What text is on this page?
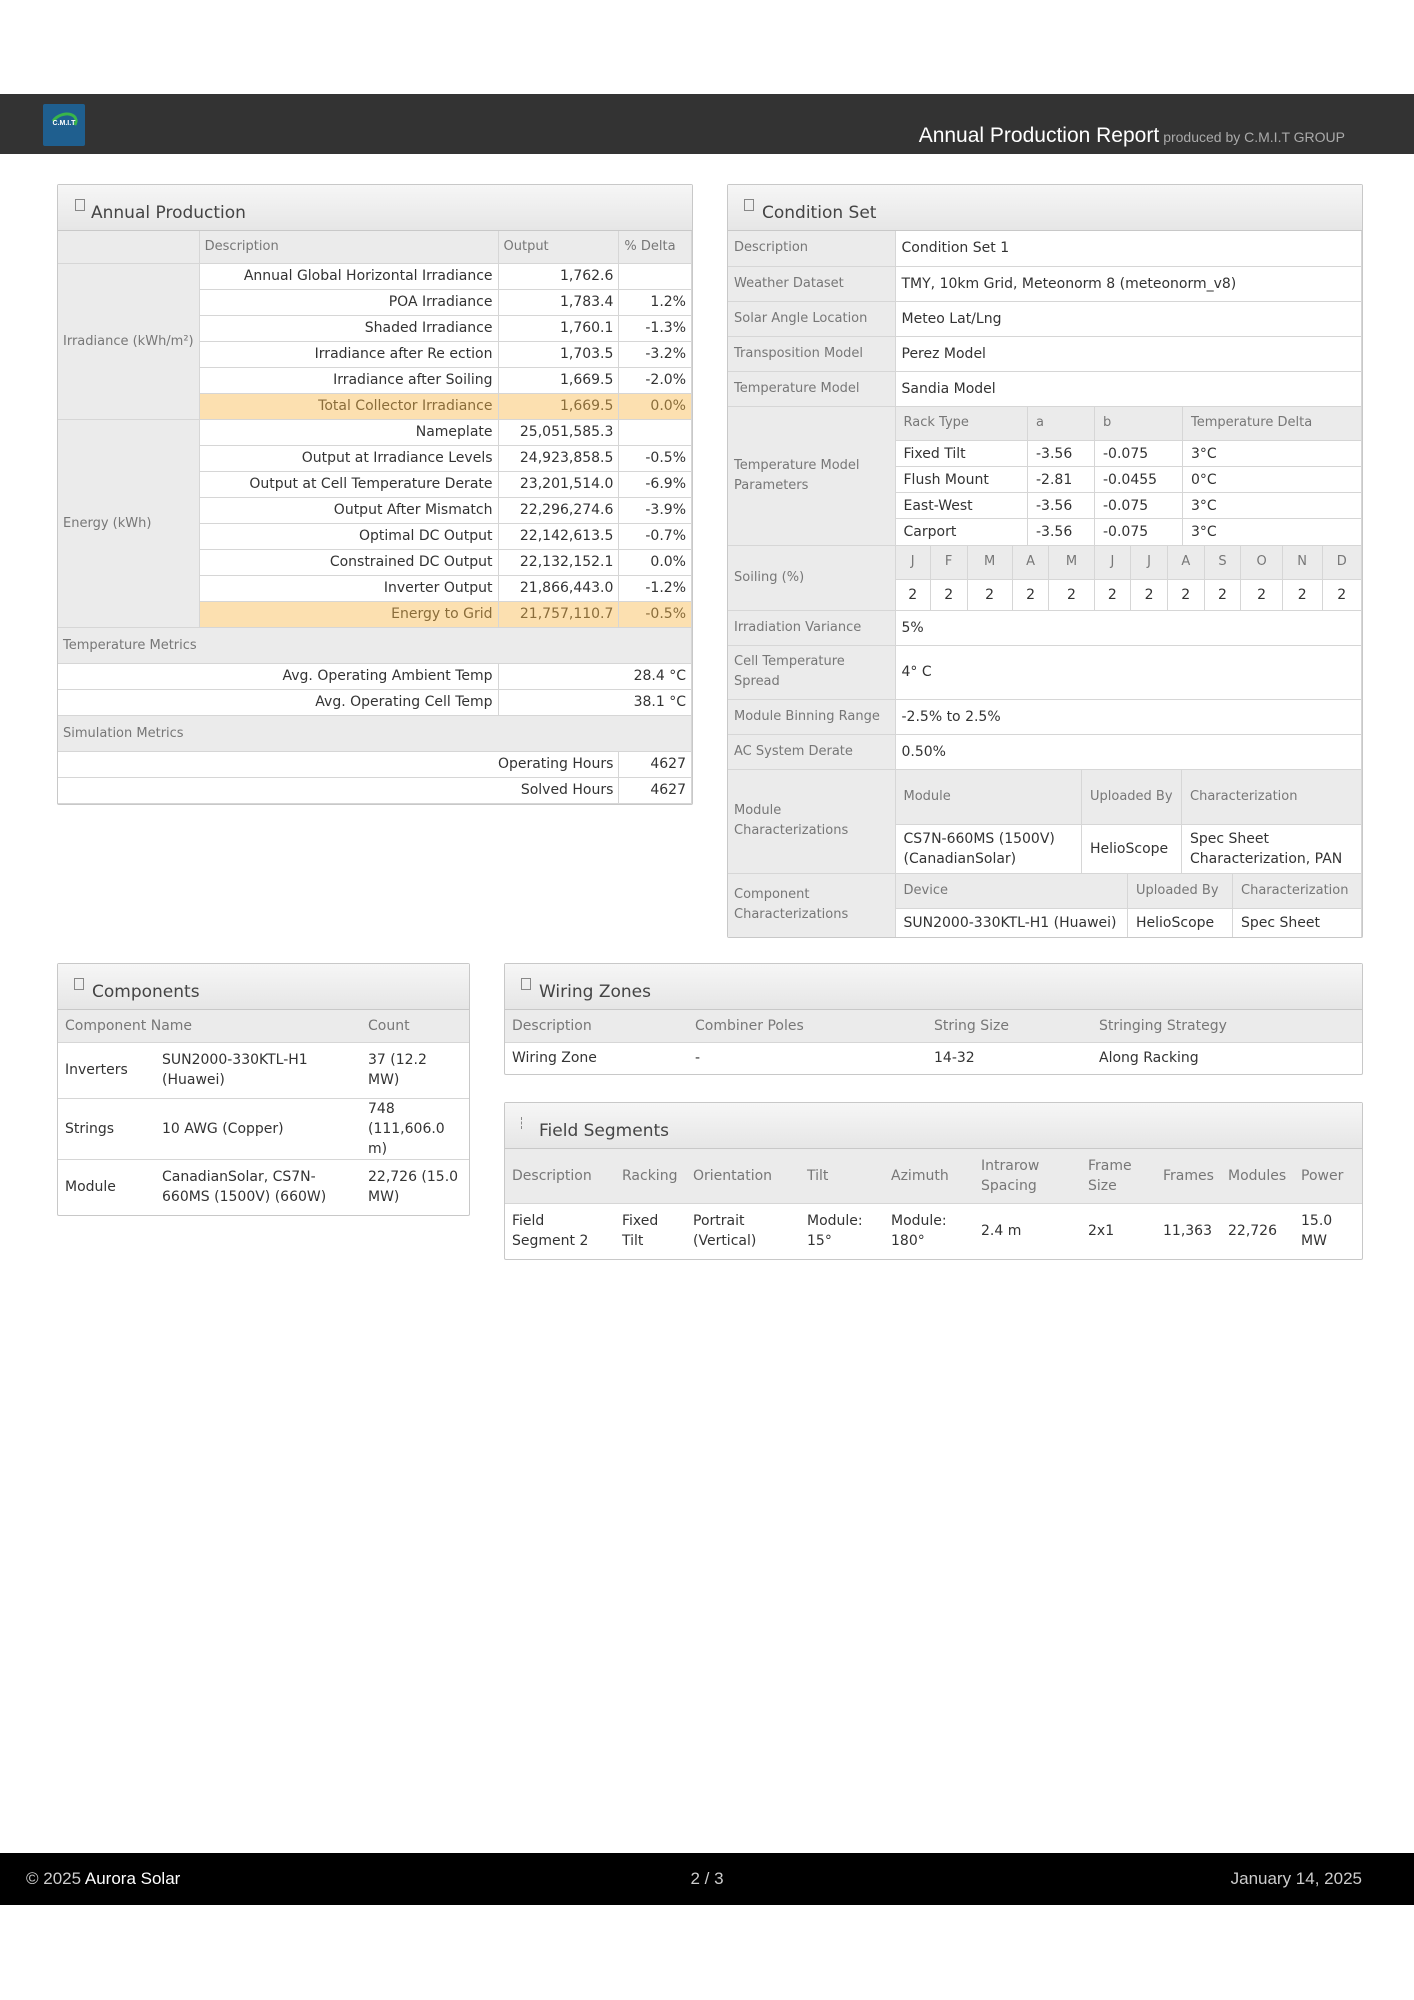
C.M.I.T
Annual Production Report produced by C.M.I.T GROUP
Annual Production
	Description	Output	% Delta
Irradiance (kWh/m²)	Annual Global Horizontal Irradiance	1,762.6	
	POA Irradiance	1,783.4	1.2%
	Shaded Irradiance	1,760.1	-1.3%
	Irradiance after Re ection	1,703.5	-3.2%
	Irradiance after Soiling	1,669.5	-2.0%
	Total Collector Irradiance	1,669.5	0.0%
Energy (kWh)	Nameplate	25,051,585.3	
	Output at Irradiance Levels	24,923,858.5	-0.5%
	Output at Cell Temperature Derate	23,201,514.0	-6.9%
	Output After Mismatch	22,296,274.6	-3.9%
	Optimal DC Output	22,142,613.5	-0.7%
	Constrained DC Output	22,132,152.1	0.0%
	Inverter Output	21,866,443.0	-1.2%
	Energy to Grid	21,757,110.7	-0.5%
Temperature Metrics			
Avg. Operating Ambient Temp		28.4 °C	
Avg. Operating Cell Temp		38.1 °C	
Simulation Metrics			
Operating Hours			4627
Solved Hours			4627
Condition Set
Description	Condition Set 1
Weather Dataset	TMY, 10km Grid, Meteonorm 8 (meteonorm_v8)
Solar Angle Location	Meteo Lat/Lng
Transposition Model	Perez Model
Temperature Model	Sandia Model
Temperature Model Parameters	
Rack Type	a	b	Temperature Delta
Fixed Tilt	-3.56	-0.075	3°C
Flush Mount	-2.81	-0.0455	0°C
East-West	-3.56	-0.075	3°C
Carport	-3.56	-0.075	3°C

Soiling (%)	
J	F	M	A	M	J	J	A	S	O	N	D
2	2	2	2	2	2	2	2	2	2	2	2

Irradiation Variance	5%
Cell Temperature Spread	4° C
Module Binning Range	-2.5% to 2.5%
AC System Derate	0.50%
Module Characterizations	
Module	Uploaded By	Characterization
CS7N-660MS (1500V) (CanadianSolar)	HelioScope	Spec Sheet Characterization, PAN

Component Characterizations	
Device	Uploaded By	Characterization
SUN2000-330KTL-H1 (Huawei)	HelioScope	Spec Sheet
Components
Component Name		Count
Inverters	SUN2000-330KTL-H1 (Huawei)	37 (12.2 MW)
Strings	10 AWG (Copper)	748 (111,606.0 m)
Module	CanadianSolar, CS7N-660MS (1500V) (660W)	22,726 (15.0 MW)
Wiring Zones
Description	Combiner Poles	String Size	Stringing Strategy
Wiring Zone	-	14-32	Along Racking
Field Segments
Description	Racking	Orientation	Tilt	Azimuth	Intrarow Spacing	Frame Size	Frames	Modules	Power
Field Segment 2	Fixed Tilt	Portrait (Vertical)	Module: 15°	Module: 180°	2.4 m	2x1	11,363	22,726	15.0 MW
© 2025 Aurora Solar	2 / 3	January 14, 2025
